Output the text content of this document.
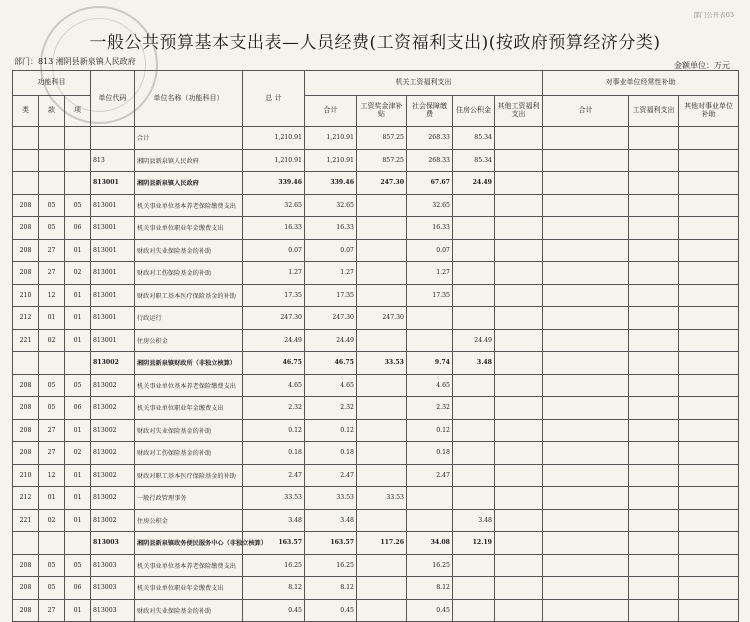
部门公开表03
一般公共预算基本支出表—人员经费(工资福利支出)(按政府预算经济分类)
部门：813 湘阴县新泉镇人民政府	金额单位：万元
功能科目			单位代码	单位名称（功能科目）	总 计	机关工资福利支出					对事业单位经常性补助		
类	款	项				合计	工资奖金津补贴	社会保障缴费	住房公积金	其他工资福利支出	合计	工资福利支出	其他对事业单位补助
				合计	1,210.91	1,210.91	857.25	268.33	85.34				
			813	湘阴县新泉镇人民政府	1,210.91	1,210.91	857.25	268.33	85.34				
			813001	湘阴县新泉镇人民政府	339.46	339.46	247.30	67.67	24.49				
208	05	05	813001	机关事业单位基本养老保险缴费支出	32.65	32.65		32.65					
208	05	06	813001	机关事业单位职业年金缴费支出	16.33	16.33		16.33					
208	27	01	813001	财政对失业保险基金的补助	0.07	0.07		0.07					
208	27	02	813001	财政对工伤保险基金的补助	1.27	1.27		1.27					
210	12	01	813001	财政对职工基本医疗保险基金的补助	17.35	17.35		17.35					
212	01	01	813001	行政运行	247.30	247.30	247.30						
221	02	01	813001	住房公积金	24.49	24.49			24.49				
			813002	湘阴县新泉镇财政所（非独立核算）	46.75	46.75	33.53	9.74	3.48				
208	05	05	813002	机关事业单位基本养老保险缴费支出	4.65	4.65		4.65					
208	05	06	813002	机关事业单位职业年金缴费支出	2.32	2.32		2.32					
208	27	01	813002	财政对失业保险基金的补助	0.12	0.12		0.12					
208	27	02	813002	财政对工伤保险基金的补助	0.18	0.18		0.18					
210	12	01	813002	财政对职工基本医疗保险基金的补助	2.47	2.47		2.47					
212	01	01	813002	一般行政管理事务	33.53	33.53	33.53						
221	02	01	813002	住房公积金	3.48	3.48			3.48				
			813003	湘阴县新泉镇政务便民服务中心（非独立核算）	163.57	163.57	117.26	34.08	12.19				
208	05	05	813003	机关事业单位基本养老保险缴费支出	16.25	16.25		16.25					
208	05	06	813003	机关事业单位职业年金缴费支出	8.12	8.12		8.12					
208	27	01	813003	财政对失业保险基金的补助	0.45	0.45		0.45					
